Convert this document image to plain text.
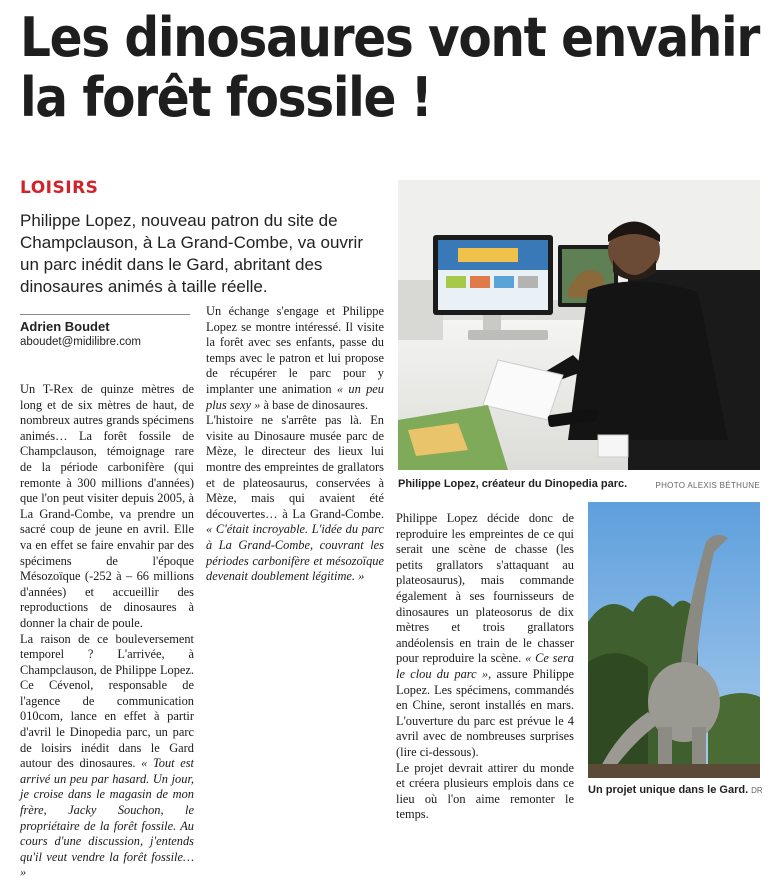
Les dinosaures vont envahir la forêt fossile !
LOISIRS

Philippe Lopez, nouveau patron du site de Champclauson, à La Grand-Combe, va ouvrir un parc inédit dans le Gard, abritant des dinosaures animés à taille réelle.

Adrien Boudet
aboudet@midilibre.com

Un T-Rex de quinze mètres de long et de six mètres de haut, de nombreux autres grands spécimens animés… La forêt fossile de Champclauson, témoignage rare de la période carbonifère (qui remonte à 300 millions d'années) que l'on peut visiter depuis 2005, à La Grand-Combe, va prendre un sacré coup de jeune en avril. Elle va en effet se faire envahir par des spécimens de l'époque Mésozoïque (-252 à – 66 millions d'années) et accueillir des reproductions de dinosaures à donner la chair de poule.

La raison de ce bouleversement temporel ? L'arrivée, à Champclauson, de Philippe Lopez. Ce Cévenol, responsable de l'agence de communication 010com, lance en effet à partir d'avril le Dinopedia parc, un parc de loisirs inédit dans le Gard autour des dinosaures. « Tout est arrivé un peu par hasard. Un jour, je croise dans le magasin de mon frère, Jacky Souchon, le propriétaire de la forêt fossile. Au cours d'une discussion, j'entends qu'il veut vendre la forêt fossile… »

Un échange s'engage et Philippe Lopez se montre intéressé. Il visite la forêt avec ses enfants, passe du temps avec le patron et lui propose de récupérer le parc pour y implanter une animation « un peu plus sexy » à base de dinosaures.

L'histoire ne s'arrête pas là. En visite au Dinosaure musée parc de Mèze, le directeur des lieux lui montre des empreintes de grallators et de plateosaurus, conservées à Mèze, mais qui avaient été découvertes… à La Grand-Combe. « C'était incroyable. L'idée du parc à La Grand-Combe, couvrant les périodes carbonifère et mésozoïque devenait doublement légitime. »

Philippe Lopez décide donc de reproduire les empreintes de ce qui serait une scène de chasse (les petits grallators s'attaquant au plateosaurus), mais commande également à ses fournisseurs de dinosaures un plateosorus de dix mètres et trois grallators andéolensis en train de le chasser pour reproduire la scène. « Ce sera le clou du parc », assure Philippe Lopez. Les spécimens, commandés en Chine, seront installés en mars. L'ouverture du parc est prévue le 4 avril avec de nombreuses surprises (lire ci-dessous).

Le projet devrait attirer du monde et créera plusieurs emplois dans ce lieu où l'on aime remonter le temps.

Philippe Lopez, créateur du Dinopedia parc.	PHOTO ALEXIS BÉTHUNE
Un projet unique dans le Gard. DR
